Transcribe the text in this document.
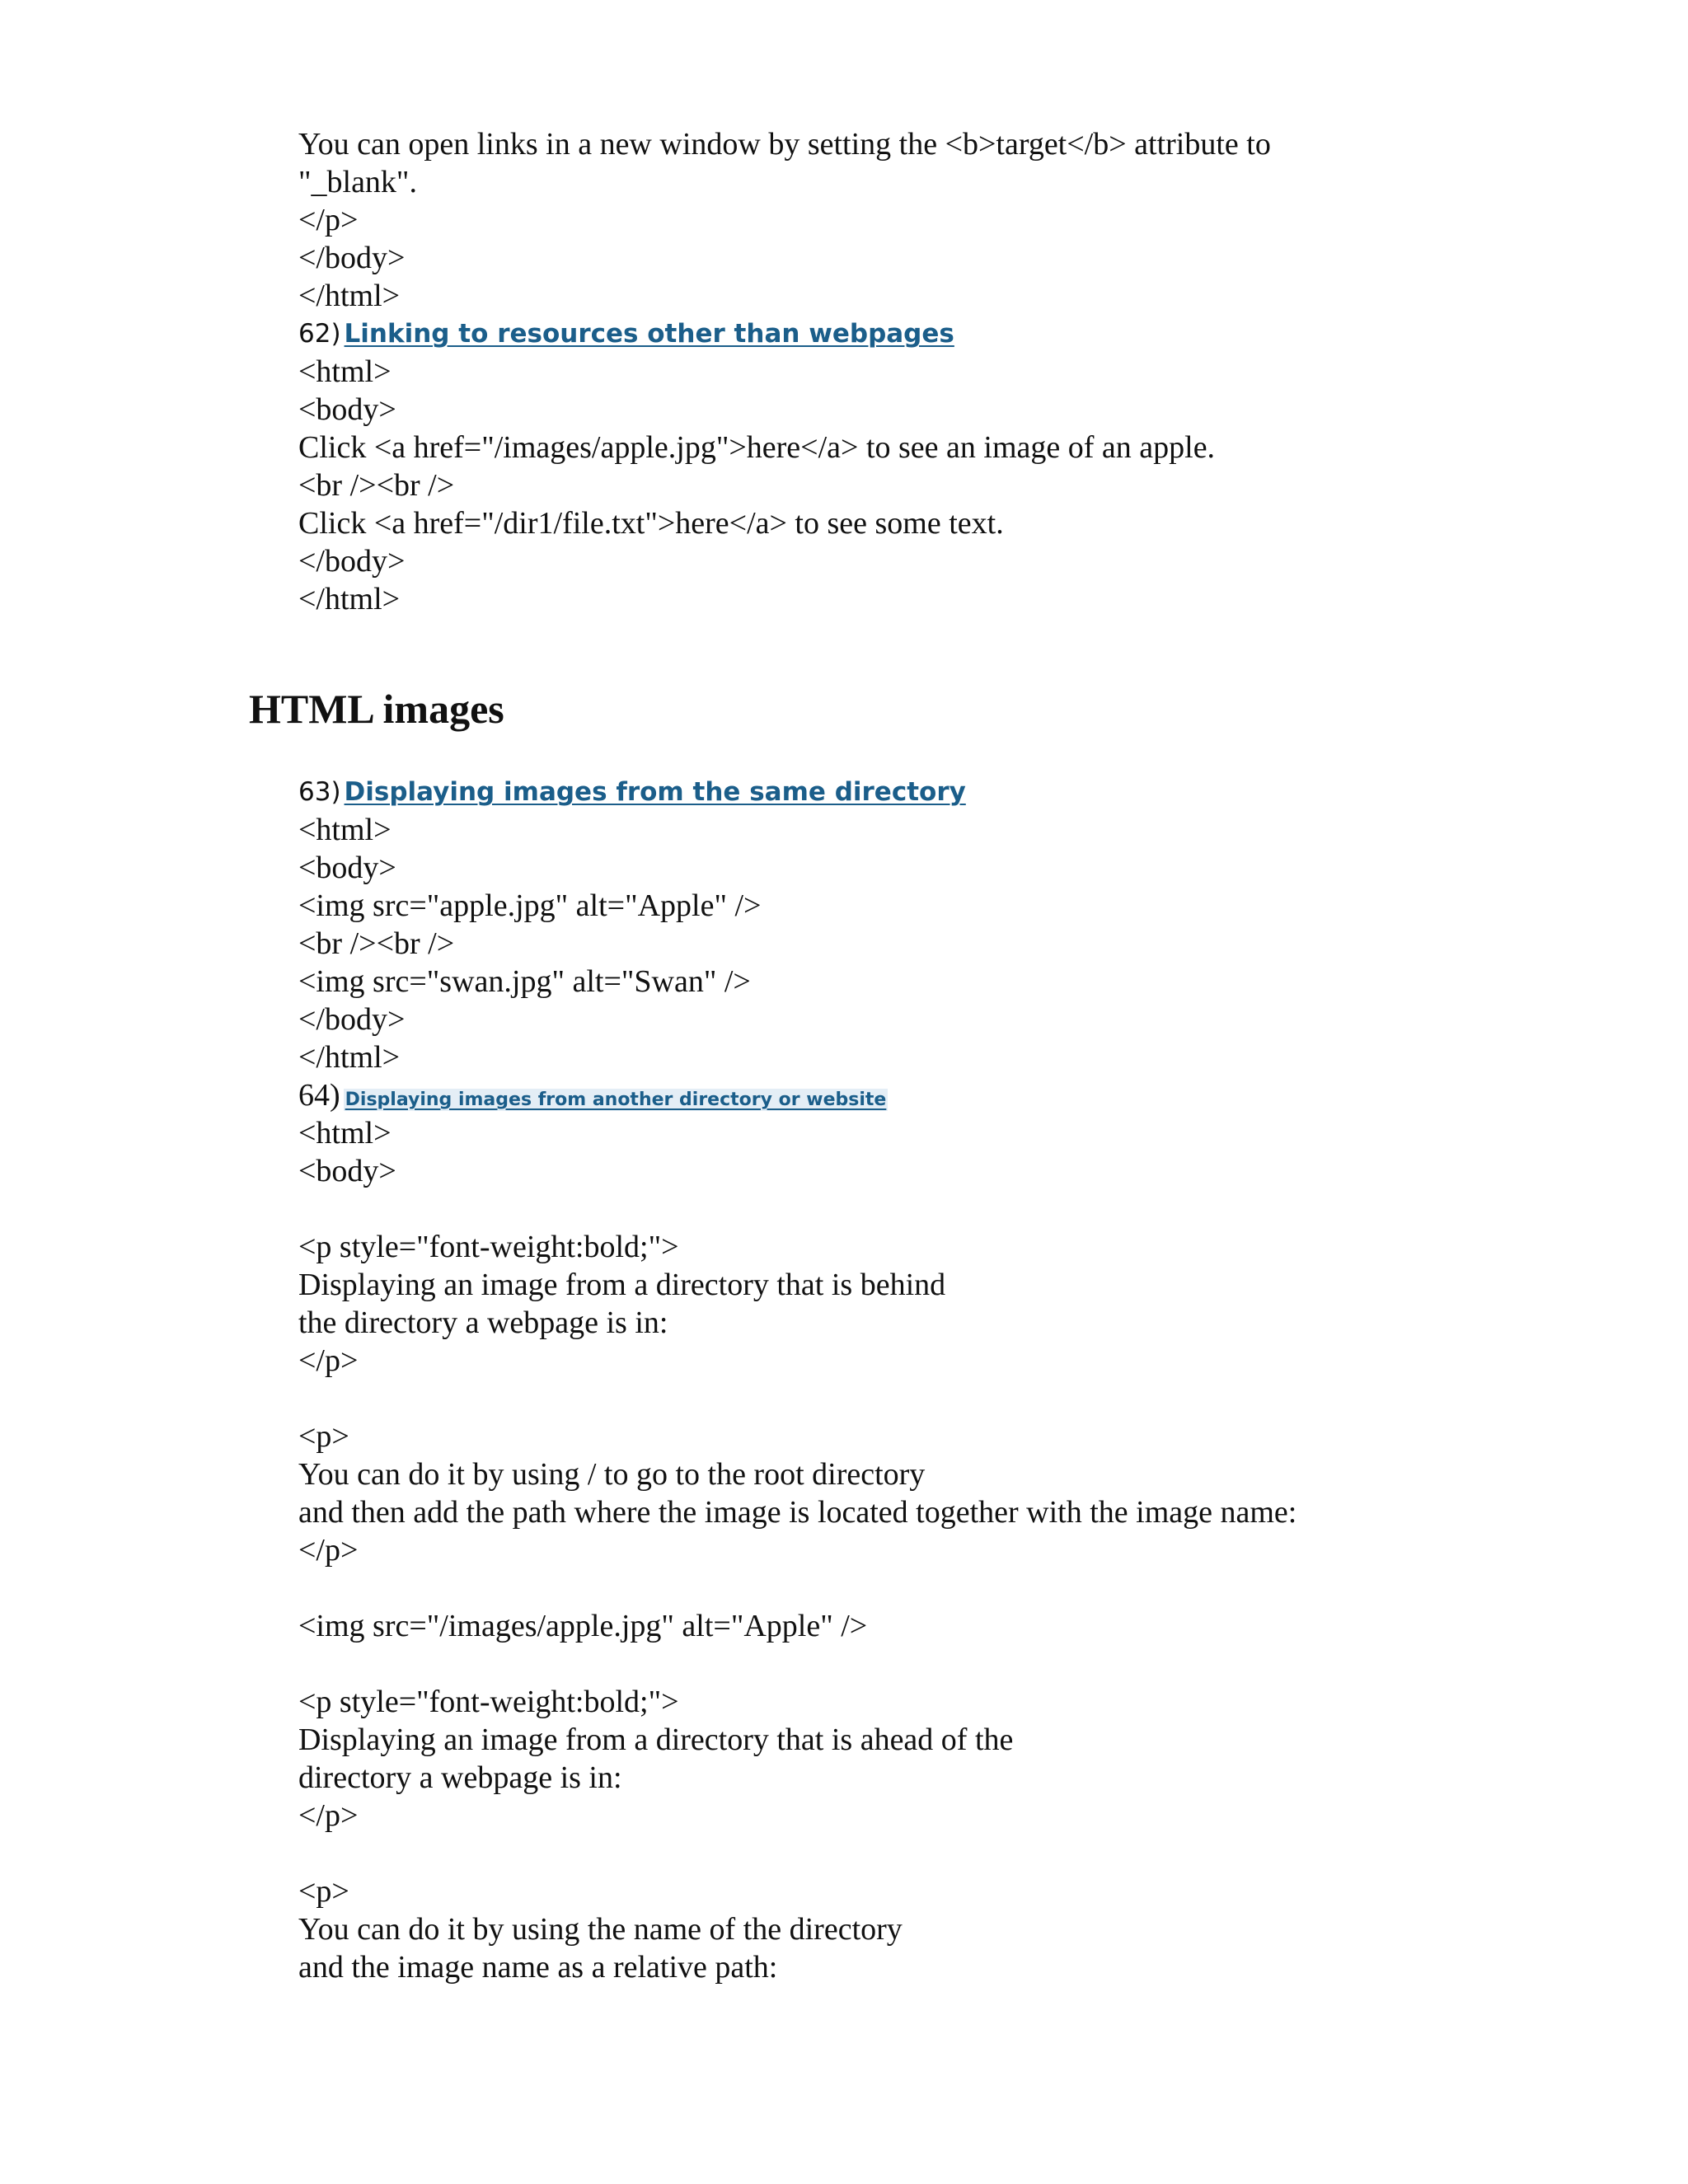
You can open links in a new window by setting the <b>target</b> attribute to
"_blank".
</p>
</body>
</html>
62) Linking to resources other than webpages
<html>
<body>
Click <a href="/images/apple.jpg">here</a> to see an image of an apple.
<br /><br />
Click <a href="/dir1/file.txt">here</a> to see some text.
</body>
</html>
HTML images
63) Displaying images from the same directory
<html>
<body>
<img src="apple.jpg" alt="Apple" />
<br /><br />
<img src="swan.jpg" alt="Swan" />
</body>
</html>
64) Displaying images from another directory or website
<html>
<body>
<p style="font-weight:bold;">
Displaying an image from a directory that is behind
the directory a webpage is in:
</p>
<p>
You can do it by using / to go to the root directory
and then add the path where the image is located together with the image name:
</p>
<img src="/images/apple.jpg" alt="Apple" />
<p style="font-weight:bold;">
Displaying an image from a directory that is ahead of the
directory a webpage is in:
</p>
<p>
You can do it by using the name of the directory
and the image name as a relative path:
